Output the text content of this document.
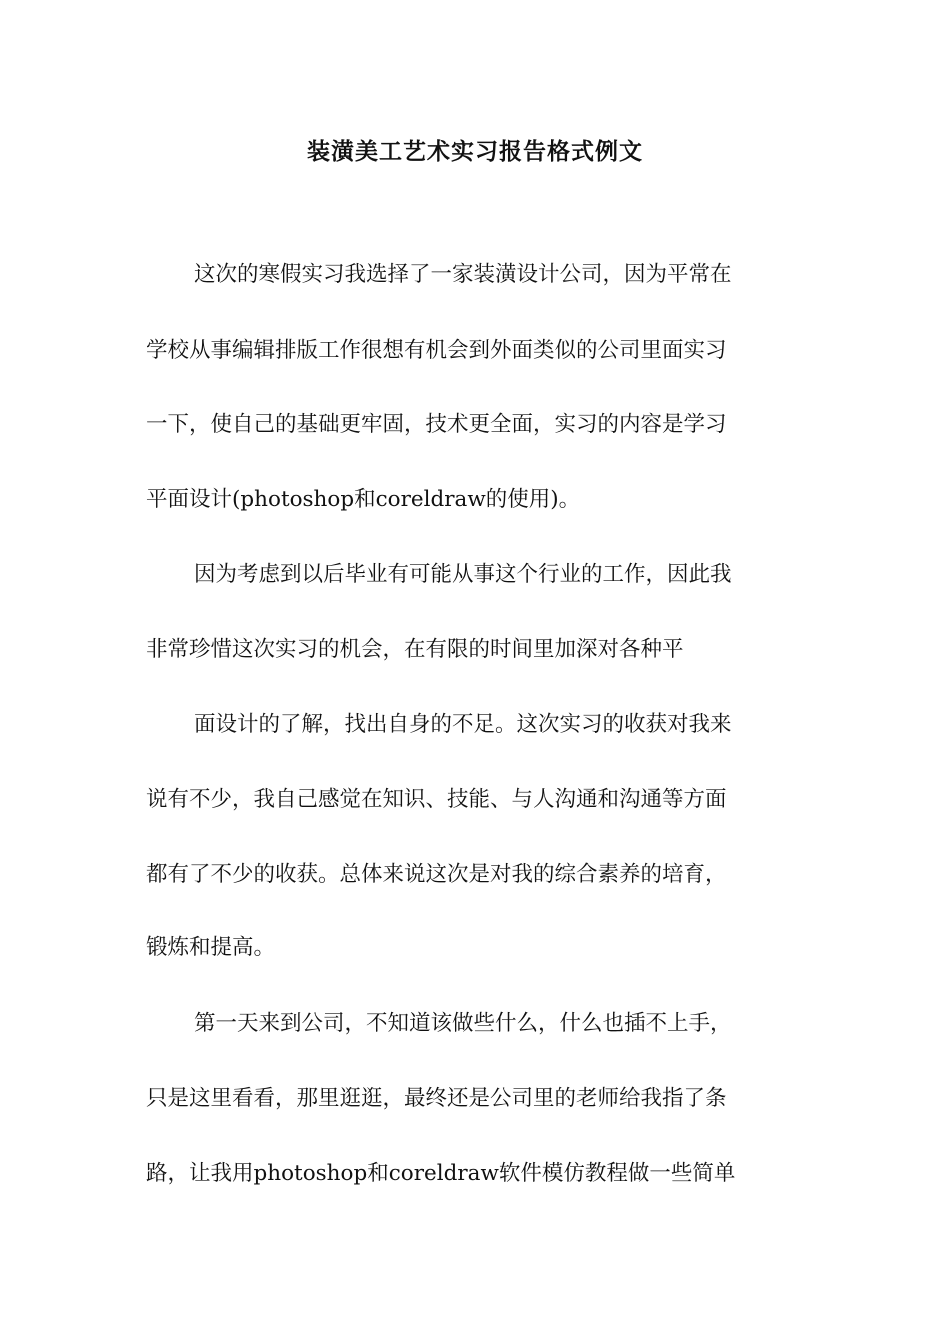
装潢美工艺术实习报告格式例文
这次的寒假实习我选择了一家装潢设计公司，因为平常在
学校从事编辑排版工作很想有机会到外面类似的公司里面实习
一下，使自己的基础更牢固，技术更全面，实习的内容是学习
平面设计(photoshop和coreldraw的使用)。
因为考虑到以后毕业有可能从事这个行业的工作，因此我
非常珍惜这次实习的机会，在有限的时间里加深对各种平
面设计的了解，找出自身的不足。这次实习的收获对我来
说有不少，我自己感觉在知识、技能、与人沟通和沟通等方面
都有了不少的收获。总体来说这次是对我的综合素养的培育，
锻炼和提高。
第一天来到公司，不知道该做些什么，什么也插不上手，
只是这里看看，那里逛逛，最终还是公司里的老师给我指了条
路，让我用photoshop和coreldraw软件模仿教程做一些简单
